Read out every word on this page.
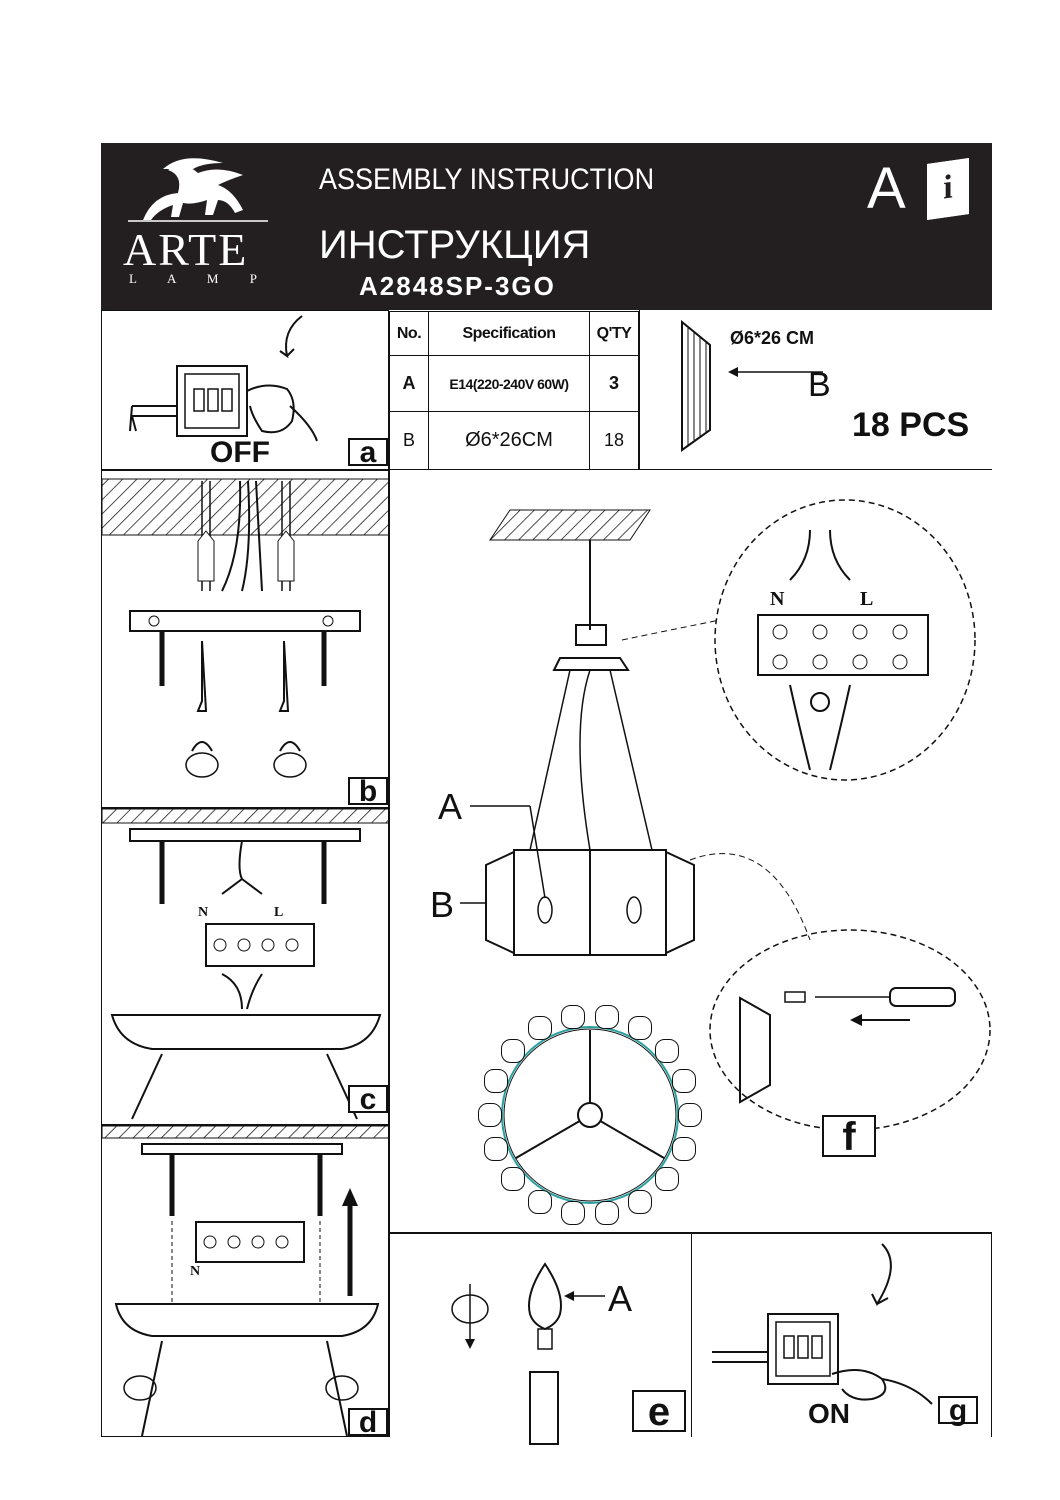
ARTE
L A M P
ASSEMBLY INSTRUCTION
ИНСТРУКЦИЯ
A2848SP-3GO
A	i
OFF	a
No.	Specification	Q'TY
A	E14(220-240V 60W)	3
B	Ø6*26CM	18
Ø6*26 CM
B
18 PCS
b
N	L
c
N
d
A
B
N	L
f
A
e	ON	g
